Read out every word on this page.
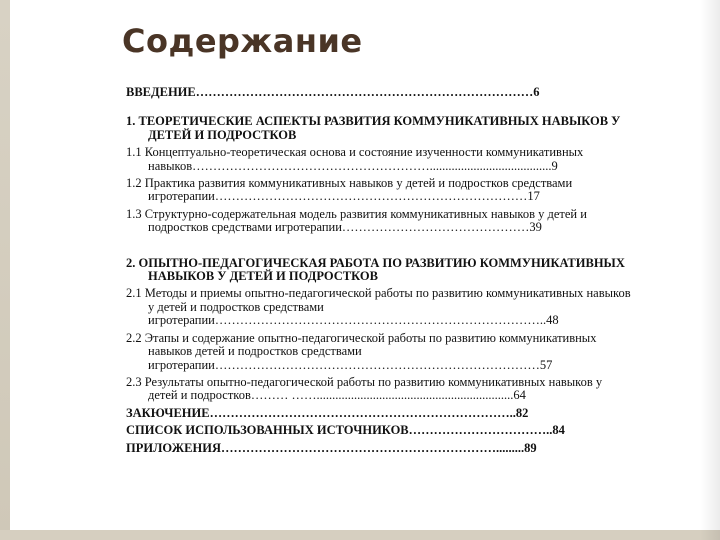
Содержание

ВВЕДЕНИЕ………………………………………………………………………6

1. ТЕОРЕТИЧЕСКИЕ АСПЕКТЫ РАЗВИТИЯ КОММУНИКАТИВНЫХ НАВЫКОВ У

ДЕТЕЙ И ПОДРОСТКОВ

1.1 Концептуально-теоретическая основа и состояние изученности коммуникативных

навыков………………………………………………….......................................9

1.2 Практика развития коммуникативных навыков у детей и подростков средствами

игротерапии…………………………………………………………………17

1.3 Структурно-содержательная модель развития коммуникативных навыков у детей и

подростков средствами игротерапии………………………………………39

2. ОПЫТНО-ПЕДАГОГИЧЕСКАЯ РАБОТА ПО РАЗВИТИЮ КОММУНИКАТИВНЫХ

НАВЫКОВ У ДЕТЕЙ И ПОДРОСТКОВ

2.1 Методы и приемы опытно-педагогической работы по развитию коммуникативных навыков

у детей и подростков средствами

игротерапии……………………………………………………………………..48

2.2 Этапы и содержание опытно-педагогической работы по развитию коммуникативных

навыков детей и подростков средствами

игротерапии……………………………………………………………………57

2.3 Результаты опытно-педагогической работы по развитию коммуникативных навыков у

детей и подростков……… ……...............................................................64

ЗАКЮЧЕНИЕ………………………………………………………………..82

СПИСОК ИСПОЛЬЗОВАННЫХ ИСТОЧНИКОВ……………………………..84

ПРИЛОЖЕНИЯ………………………………………………………….........89
